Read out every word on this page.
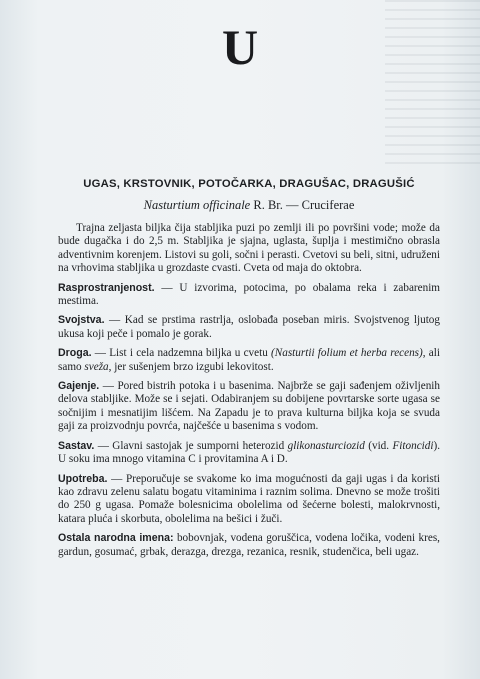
U
UGAS, KRSTOVNIK, POTOČARKA, DRAGUŠAC, DRAGUŠIĆ
Nasturtium officinale R. Br. — Cruciferae

Trajna zeljasta biljka čija stabljika puzi po zemlji ili po površini vode; može da bude dugačka i do 2,5 m. Stabljika je sjajna, uglasta, šuplja i mestimično obrasla adventivnim korenjem. Listovi su goli, sočni i perasti. Cvetovi su beli, sitni, udruženi na vrhovima stabljika u grozdaste cvasti. Cveta od maja do oktobra.

Rasprostranjenost. — U izvorima, potocima, po obalama reka i zabarenim mestima.

Svojstva. — Kad se prstima rastrlja, oslobađa poseban miris. Svojstvenog ljutog ukusa koji peče i pomalo je gorak.

Droga. — List i cela nadzemna biljka u cvetu (Nasturtii folium et herba recens), ali samo sveža, jer sušenjem brzo izgubi lekovitost.

Gajenje. — Pored bistrih potoka i u basenima. Najbrže se gaji sađenjem oživljenih delova stabljike. Može se i sejati. Odabiranjem su dobijene povrtarske sorte ugasa se sočnijim i mesnatijim lišćem. Na Zapadu je to prava kulturna biljka koja se svuda gaji za proizvodnju povrća, najčešće u basenima s vodom.

Sastav. — Glavni sastojak je sumporni heterozid glikonasturciozid (vid. Fitoncidi). U soku ima mnogo vitamina C i provitamina A i D.

Upotreba. — Preporučuje se svakome ko ima mogućnosti da gaji ugas i da koristi kao zdravu zelenu salatu bogatu vitaminima i raznim solima. Dnevno se može trošiti do 250 g ugasa. Pomaže bolesnicima obolelima od šećerne bolesti, malokrvnosti, katara pluća i skorbuta, obolelima na bešici i žuči.

Ostala narodna imena: bobovnjak, vodena goruščica, vodena ločika, vodeni kres, gardun, gosumać, grbak, derazga, drezga, rezanica, resnik, studenčica, beli ugaz.
